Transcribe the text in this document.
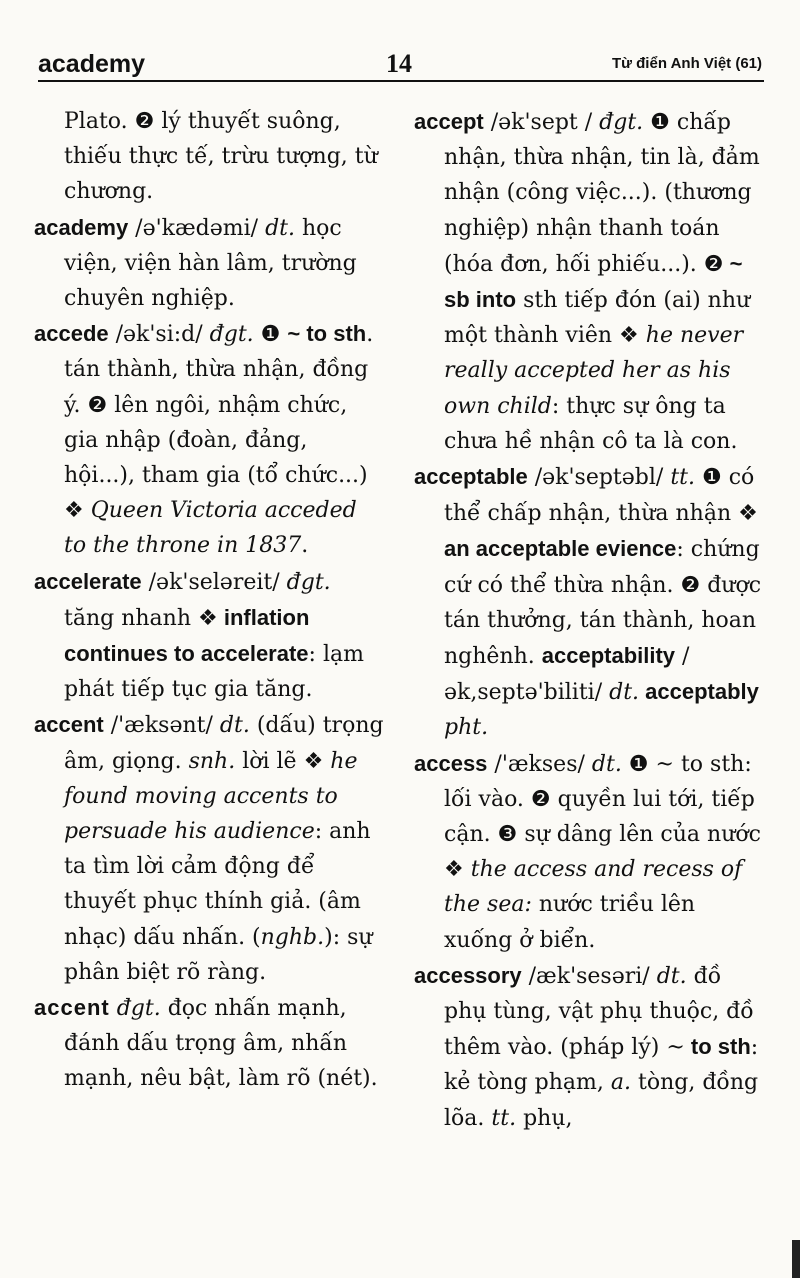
academy	14	Từ điển Anh Việt (61)

Plato. ❷ lý thuyết suông, thiếu thực tế, trừu tượng, từ chương.

academy /ə'kædəmi/ dt. học viện, viện hàn lâm, trường chuyên nghiệp.

accede /ək'si:d/ đgt. ❶ ~ to sth. tán thành, thừa nhận, đồng ý. ❷ lên ngôi, nhậm chức, gia nhập (đoàn, đảng, hội...), tham gia (tổ chức...) ❖ Queen Victoria acceded to the throne in 1837.

accelerate /ək'seləreit/ đgt. tăng nhanh ❖ inflation continues to accelerate: lạm phát tiếp tục gia tăng.

accent /'æksənt/ dt. (dấu) trọng âm, giọng. snh. lời lẽ ❖ he found moving accents to persuade his audience: anh ta tìm lời cảm động để thuyết phục thính giả. (âm nhạc) dấu nhấn. (nghb.): sự phân biệt rõ ràng.

accent đgt. đọc nhấn mạnh, đánh dấu trọng âm, nhấn mạnh, nêu bật, làm rõ (nét).

accept /ək'sept / đgt. ❶ chấp nhận, thừa nhận, tin là, đảm nhận (công việc...). (thương nghiệp) nhận thanh toán (hóa đơn, hối phiếu...). ❷ ~ sb into sth tiếp đón (ai) như một thành viên ❖ he never really accepted her as his own child: thực sự ông ta chưa hề nhận cô ta là con.

acceptable /ək'septəbl/ tt. ❶ có thể chấp nhận, thừa nhận ❖ an acceptable evience: chứng cứ có thể thừa nhận. ❷ được tán thưởng, tán thành, hoan nghênh. acceptability /ək,septə'biliti/ dt. acceptably pht.

access /'ækses/ dt. ❶ ~ to sth: lối vào. ❷ quyền lui tới, tiếp cận. ❸ sự dâng lên của nước ❖ the access and recess of the sea: nước triều lên xuống ở biển.

accessory /æk'sesəri/ dt. đồ phụ tùng, vật phụ thuộc, đồ thêm vào. (pháp lý) ~ to sth: kẻ tòng phạm, a. tòng, đồng lõa. tt. phụ,
